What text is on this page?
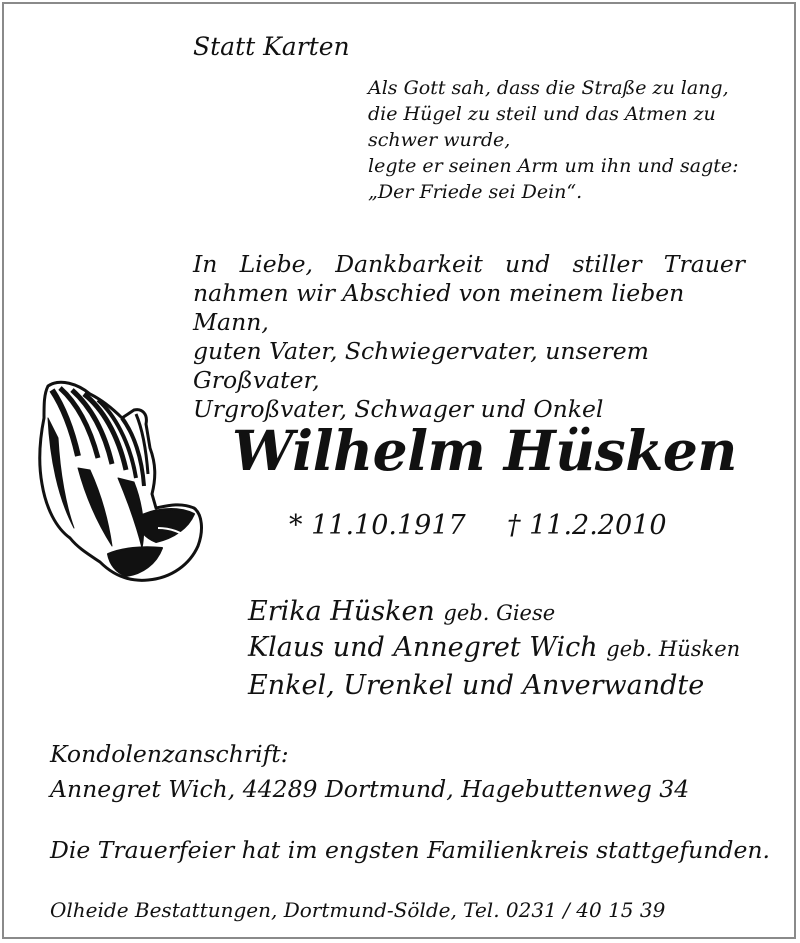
Statt Karten
Als Gott sah, dass die Straße zu lang,
die Hügel zu steil und das Atmen zu
schwer wurde,
legte er seinen Arm um ihn und sagte:
„Der Friede sei Dein“.
In Liebe, Dankbarkeit und stiller Trauer
nahmen wir Abschied von meinem lieben Mann,
guten Vater, Schwiegervater, unserem Großvater,
Urgroßvater, Schwager und Onkel
Wilhelm Hüsken
* 11.10.1917 † 11.2.2010
Erika Hüsken geb. Giese
Klaus und Annegret Wich geb. Hüsken
Enkel, Urenkel und Anverwandte
Kondolenzanschrift:
Annegret Wich, 44289 Dortmund, Hagebuttenweg 34
Die Trauerfeier hat im engsten Familienkreis stattgefunden.
Olheide Bestattungen, Dortmund-Sölde, Tel. 0231 / 40 15 39
